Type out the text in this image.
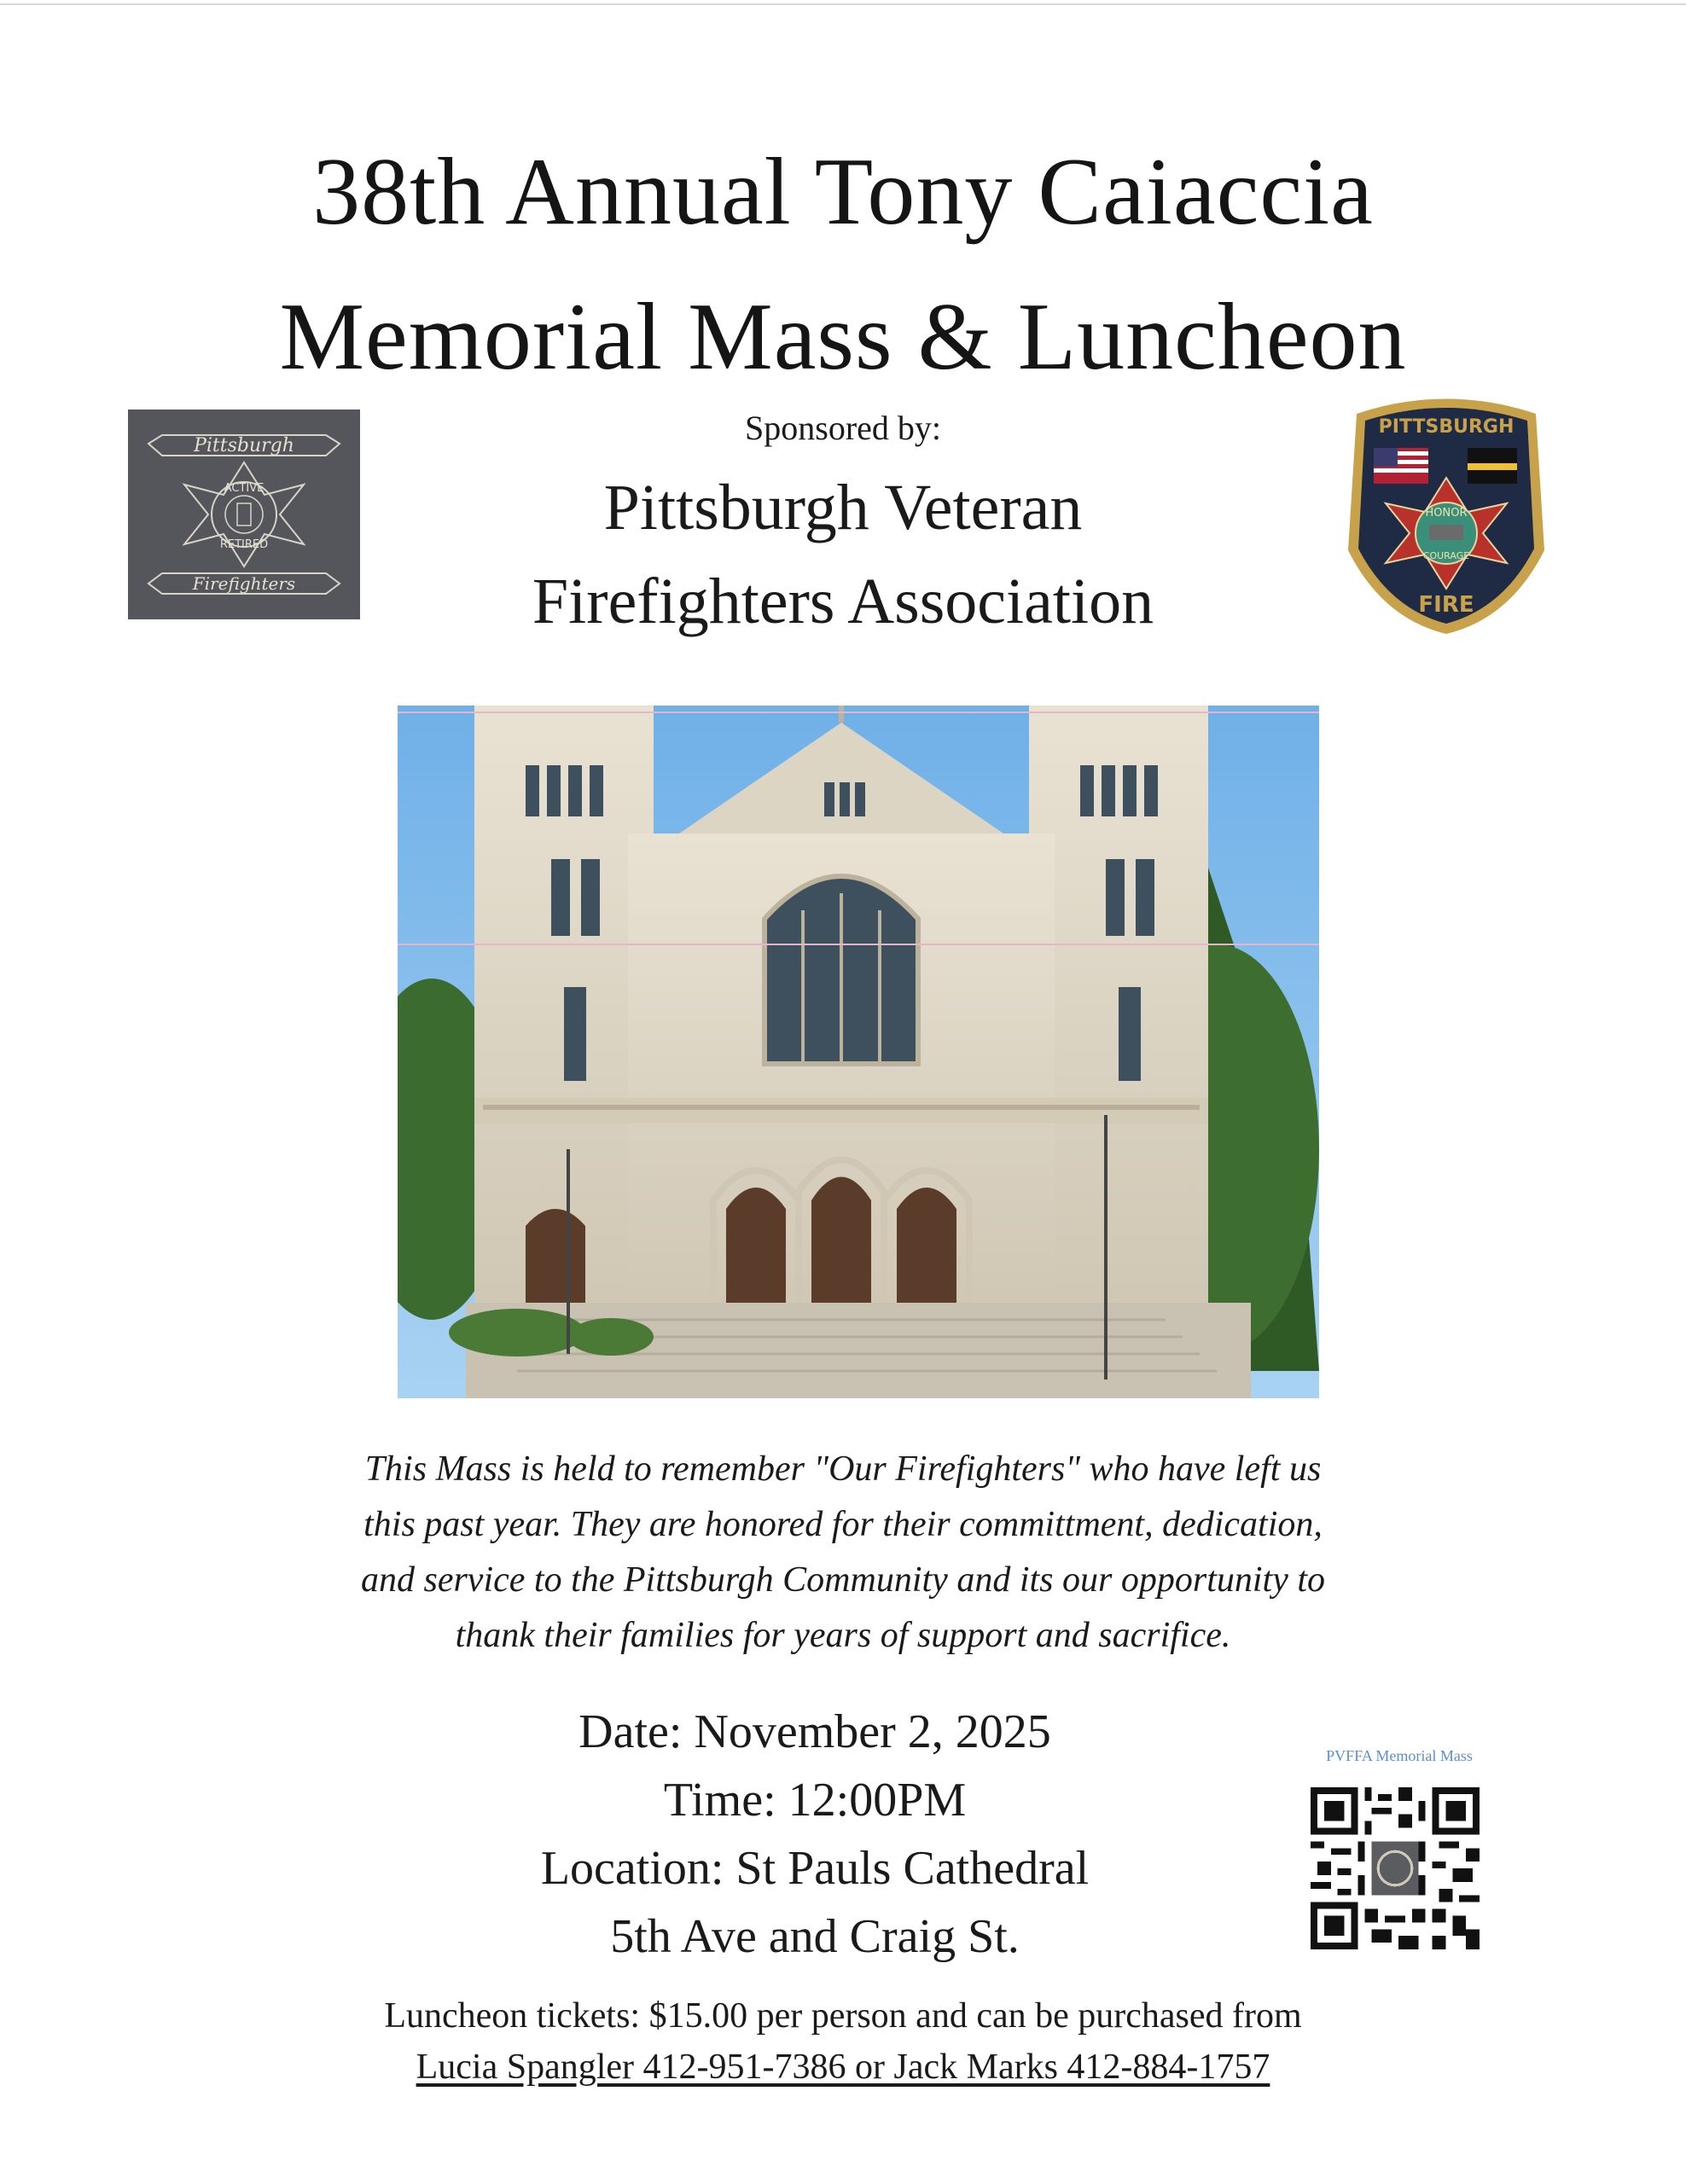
38th Annual Tony Caiaccia
Memorial Mass & Luncheon
Sponsored by:
Pittsburgh Veteran
Firefighters Association
Pittsburgh
ACTIVE
RETIRED
Firefighters
PITTSBURGH
HONOR
COURAGE
FIRE
This Mass is held to remember "Our Firefighters" who have left us
this past year. They are honored for their committment, dedication,
and service to the Pittsburgh Community and its our opportunity to
thank their families for years of support and sacrifice.
Date: November 2, 2025
Time: 12:00PM
Location: St Pauls Cathedral
5th Ave and Craig St.
PVFFA Memorial Mass
Luncheon tickets: $15.00 per person and can be purchased from
Lucia Spangler 412-951-7386 or Jack Marks 412-884-1757
